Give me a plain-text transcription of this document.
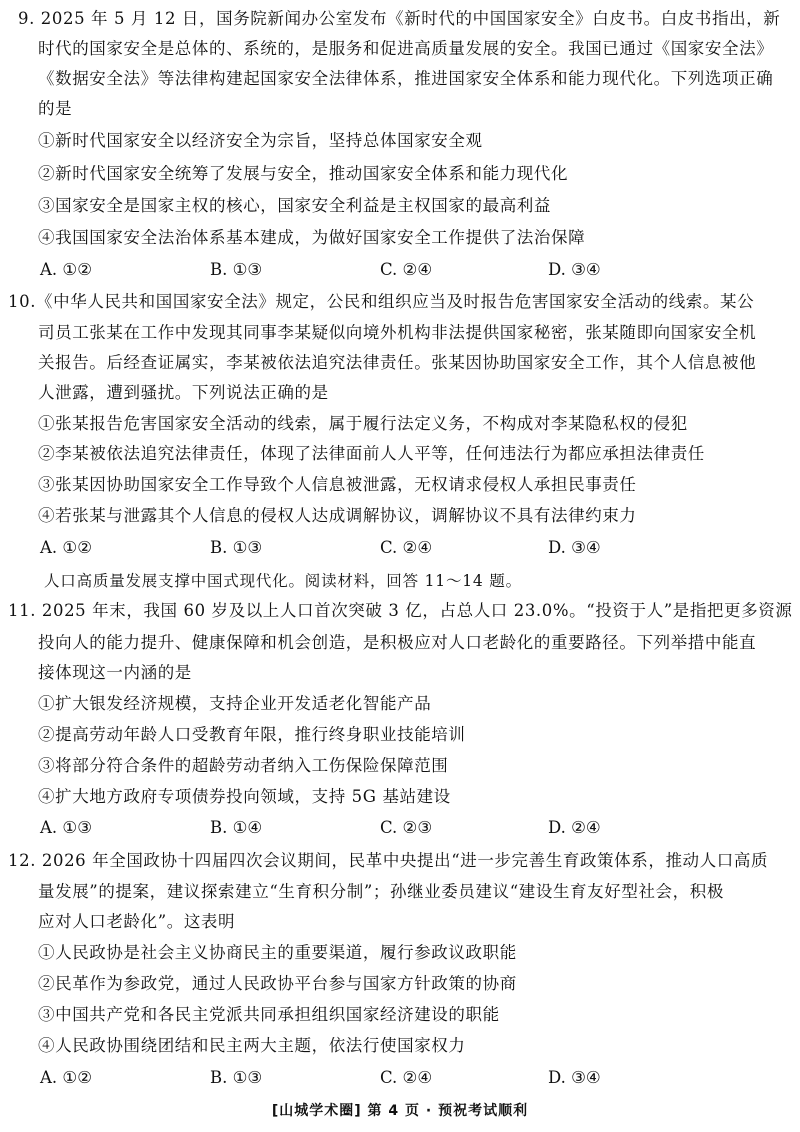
9. 2025 年 5 月 12 日，国务院新闻办公室发布《新时代的中国国家安全》白皮书。白皮书指出，新
时代的国家安全是总体的、系统的，是服务和促进高质量发展的安全。我国已通过《国家安全法》
《数据安全法》等法律构建起国家安全法律体系，推进国家安全体系和能力现代化。下列选项正确
的是
①新时代国家安全以经济安全为宗旨，坚持总体国家安全观
②新时代国家安全统筹了发展与安全，推动国家安全体系和能力现代化
③国家安全是国家主权的核心，国家安全利益是主权国家的最高利益
④我国国家安全法治体系基本建成，为做好国家安全工作提供了法治保障
A. ①②	B. ①③	C. ②④	D. ③④
10.《中华人民共和国国家安全法》规定，公民和组织应当及时报告危害国家安全活动的线索。某公
司员工张某在工作中发现其同事李某疑似向境外机构非法提供国家秘密，张某随即向国家安全机
关报告。后经查证属实，李某被依法追究法律责任。张某因协助国家安全工作，其个人信息被他
人泄露，遭到骚扰。下列说法正确的是
①张某报告危害国家安全活动的线索，属于履行法定义务，不构成对李某隐私权的侵犯
②李某被依法追究法律责任，体现了法律面前人人平等，任何违法行为都应承担法律责任
③张某因协助国家安全工作导致个人信息被泄露，无权请求侵权人承担民事责任
④若张某与泄露其个人信息的侵权人达成调解协议，调解协议不具有法律约束力
A. ①②	B. ①③	C. ②④	D. ③④
人口高质量发展支撑中国式现代化。阅读材料，回答 11～14 题。
11. 2025 年末，我国 60 岁及以上人口首次突破 3 亿，占总人口 23.0%。“投资于人”是指把更多资源
投向人的能力提升、健康保障和机会创造，是积极应对人口老龄化的重要路径。下列举措中能直
接体现这一内涵的是
①扩大银发经济规模，支持企业开发适老化智能产品
②提高劳动年龄人口受教育年限，推行终身职业技能培训
③将部分符合条件的超龄劳动者纳入工伤保险保障范围
④扩大地方政府专项债券投向领域，支持 5G 基站建设
A. ①③	B. ①④	C. ②③	D. ②④
12. 2026 年全国政协十四届四次会议期间，民革中央提出“进一步完善生育政策体系，推动人口高质
量发展”的提案，建议探索建立“生育积分制”；孙继业委员建议“建设生育友好型社会，积极
应对人口老龄化”。这表明
①人民政协是社会主义协商民主的重要渠道，履行参政议政职能
②民革作为参政党，通过人民政协平台参与国家方针政策的协商
③中国共产党和各民主党派共同承担组织国家经济建设的职能
④人民政协围绕团结和民主两大主题，依法行使国家权力
A. ①②	B. ①③	C. ②④	D. ③④
[山城学术圈] 第 4 页 · 预祝考试顺利
